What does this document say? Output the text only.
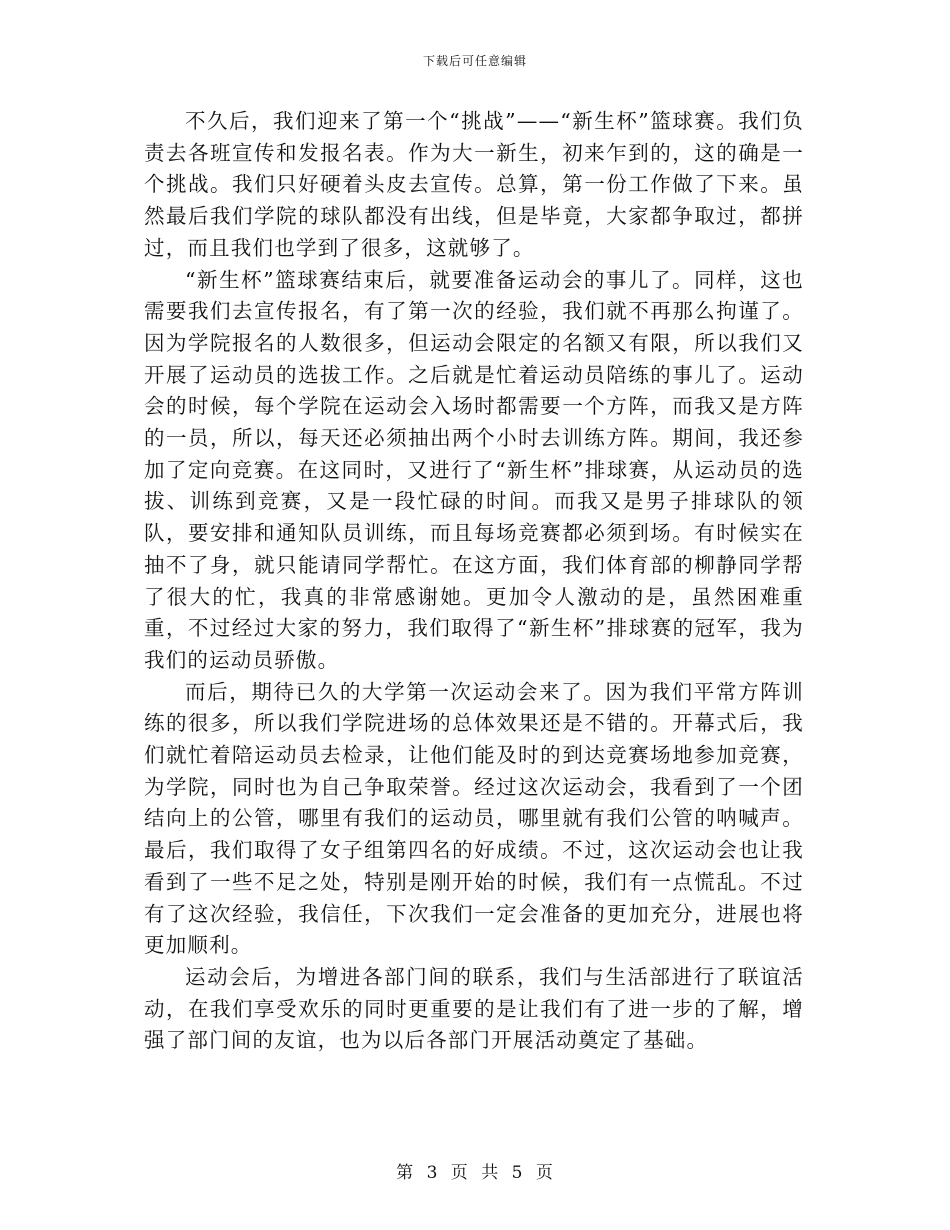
下载后可任意编辑

不久后，我们迎来了第一个“挑战”——“新生杯”篮球赛。我们负责去各班宣传和发报名表。作为大一新生，初来乍到的，这的确是一个挑战。我们只好硬着头皮去宣传。总算，第一份工作做了下来。虽然最后我们学院的球队都没有出线，但是毕竟，大家都争取过，都拼过，而且我们也学到了很多，这就够了。

“新生杯”篮球赛结束后，就要准备运动会的事儿了。同样，这也需要我们去宣传报名，有了第一次的经验，我们就不再那么拘谨了。因为学院报名的人数很多，但运动会限定的名额又有限，所以我们又开展了运动员的选拔工作。之后就是忙着运动员陪练的事儿了。运动会的时候，每个学院在运动会入场时都需要一个方阵，而我又是方阵的一员，所以，每天还必须抽出两个小时去训练方阵。期间，我还参加了定向竞赛。在这同时，又进行了“新生杯”排球赛，从运动员的选拔、训练到竞赛，又是一段忙碌的时间。而我又是男子排球队的领队，要安排和通知队员训练，而且每场竞赛都必须到场。有时候实在抽不了身，就只能请同学帮忙。在这方面，我们体育部的柳静同学帮了很大的忙，我真的非常感谢她。更加令人激动的是，虽然困难重重，不过经过大家的努力，我们取得了“新生杯”排球赛的冠军，我为我们的运动员骄傲。

而后，期待已久的大学第一次运动会来了。因为我们平常方阵训练的很多，所以我们学院进场的总体效果还是不错的。开幕式后，我们就忙着陪运动员去检录，让他们能及时的到达竞赛场地参加竞赛，为学院，同时也为自己争取荣誉。经过这次运动会，我看到了一个团结向上的公管，哪里有我们的运动员，哪里就有我们公管的呐喊声。最后，我们取得了女子组第四名的好成绩。不过，这次运动会也让我看到了一些不足之处，特别是刚开始的时候，我们有一点慌乱。不过有了这次经验，我信任，下次我们一定会准备的更加充分，进展也将更加顺利。

运动会后，为增进各部门间的联系，我们与生活部进行了联谊活动，在我们享受欢乐的同时更重要的是让我们有了进一步的了解，增强了部门间的友谊，也为以后各部门开展活动奠定了基础。

第 3 页 共 5 页
